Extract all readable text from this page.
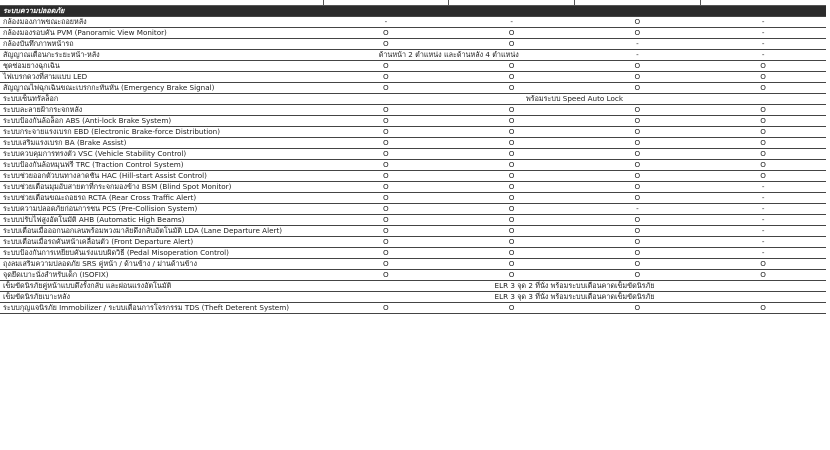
ระบบความปลอดภัย				
กล้องมองภาพขณะถอยหลัง	-	-	O	-
กล้องมองรอบคัน PVM (Panoramic View Monitor)	O	O	O	-
กล้องบันทึกภาพหน้ารถ	O	O	-	-
สัญญาณเตือนกะระยะหน้า-หลัง	ด้านหน้า 2 ตำแหน่ง และด้านหลัง 4 ตำแหน่ง		-	-
ชุดซ่อมยางฉุกเฉิน	O	O	O	O
ไฟเบรกดวงที่สามแบบ LED	O	O	O	O
สัญญาณไฟฉุกเฉินขณะเบรกกะทันหัน (Emergency Brake Signal)	O	O	O	O
ระบบเซ็นทรัลล็อก	พร้อมระบบ Speed Auto Lock			
ระบบละลายฝ้ากระจกหลัง	O	O	O	O
ระบบป้องกันล้อล็อก ABS (Anti-lock Brake System)	O	O	O	O
ระบบกระจายแรงเบรก EBD (Electronic Brake-force Distribution)	O	O	O	O
ระบบเสริมแรงเบรก BA (Brake Assist)	O	O	O	O
ระบบควบคุมการทรงตัว VSC (Vehicle Stability Control)	O	O	O	O
ระบบป้องกันล้อหมุนฟรี TRC (Traction Control System)	O	O	O	O
ระบบช่วยออกตัวบนทางลาดชัน HAC (Hill-start Assist Control)	O	O	O	O
ระบบช่วยเตือนมุมอับสายตาที่กระจกมองข้าง BSM (Blind Spot Monitor)	O	O	O	-
ระบบช่วยเตือนขณะถอยรถ RCTA (Rear Cross Traffic Alert)	O	O	O	-
ระบบความปลอดภัยก่อนการชน PCS (Pre-Collision System)	O	O	-	-
ระบบปรับไฟสูงอัตโนมัติ AHB (Automatic High Beams)	O	O	O	-
ระบบเตือนเมื่อออกนอกเลนพร้อมพวงมาลัยดึงกลับอัตโนมัติ LDA (Lane Departure Alert)	O	O	O	-
ระบบเตือนเมื่อรถคันหน้าเคลื่อนตัว (Front Departure Alert)	O	O	O	-
ระบบป้องกันการเหยียบคันเร่งแบบผิดวิธี (Pedal Misoperation Control)	O	O	O	-
ถุงลมเสริมความปลอดภัย SRS คู่หน้า / ด้านข้าง / ม่านด้านข้าง	O	O	O	O
จุดยึดเบาะนั่งสำหรับเด็ก (ISOFIX)	O	O	O	O
เข็มขัดนิรภัยคู่หน้าแบบดึงรั้งกลับ และผ่อนแรงอัตโนมัติ	ELR 3 จุด 2 ที่นั่ง พร้อมระบบเตือนคาดเข็มขัดนิรภัย			
เข็มขัดนิรภัยเบาะหลัง	ELR 3 จุด 3 ที่นั่ง พร้อมระบบเตือนคาดเข็มขัดนิรภัย			
ระบบกุญแจนิรภัย Immobilizer / ระบบเตือนการโจรกรรม TDS (Theft Deterent System)	O	O	O	O
